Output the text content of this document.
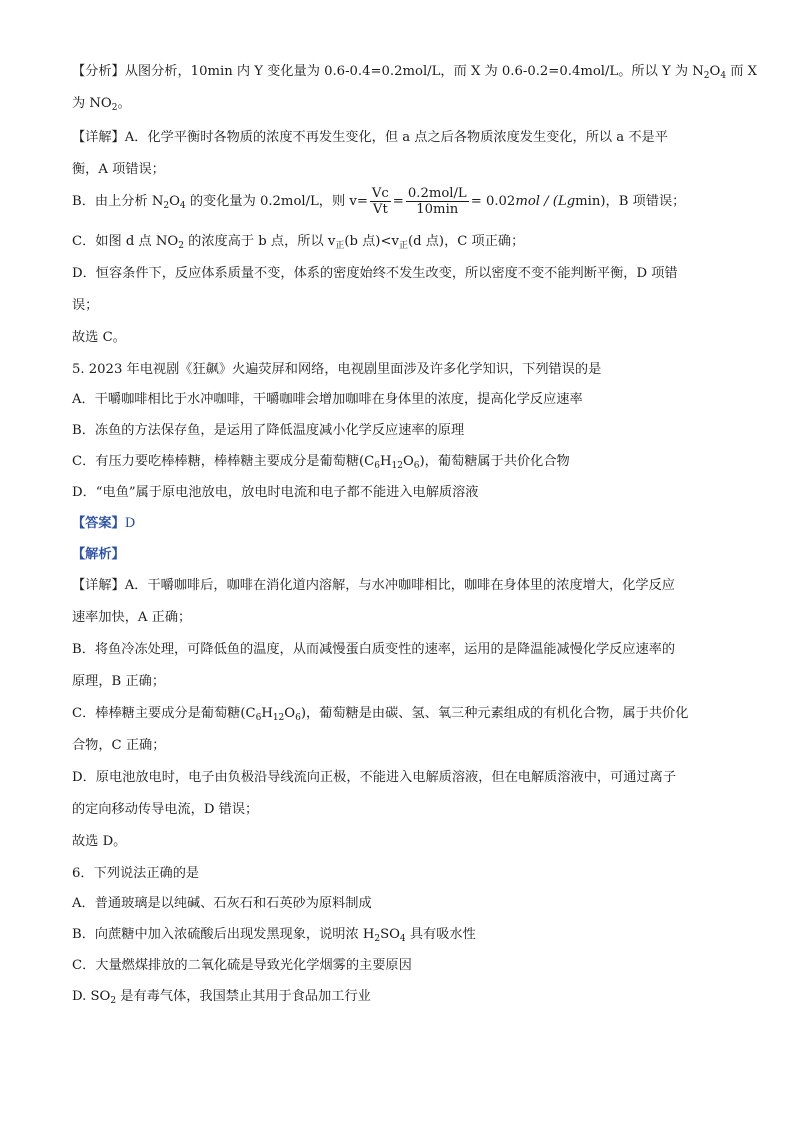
【分析】从图分析，10min 内 Y 变化量为 0.6-0.4=0.2mol/L，而 X 为 0.6-0.2=0.4mol/L。所以 Y 为 $N_2O_4$ 而 X
为 $NO_2$。
【详解】A．化学平衡时各物质的浓度不再发生变化，但 a 点之后各物质浓度发生变化，所以 a 不是平
衡，A 项错误；
B．由上分析 $N_2O_4$ 的变化量为 0.2mol/L，则 $v= \frac{Vc}{Vt} = \frac{\text{0.2mol/L}}{10\min} = 0.02mol / (Lgmin)$，B 项错误；
C．如图 d 点 $NO_2$ 的浓度高于 b 点，所以 $v_正(b$ 点)$<v_正(d$ 点)，C 项正确；
D．恒容条件下，反应体系质量不变，体系的密度始终不发生改变，所以密度不变不能判断平衡，D 项错
误；
故选 C。
5. 2023 年电视剧《狂飙》火遍荧屏和网络，电视剧里面涉及许多化学知识，下列错误的是
A．干嚼咖啡相比于水冲咖啡，干嚼咖啡会增加咖啡在身体里的浓度，提高化学反应速率
B．冻鱼的方法保存鱼，是运用了降低温度减小化学反应速率的原理
C．有压力要吃棒棒糖，棒棒糖主要成分是葡萄糖$(C_6H_{12}O_6)$，葡萄糖属于共价化合物
D．“电鱼”属于原电池放电，放电时电流和电子都不能进入电解质溶液
【答案】D
【解析】
【详解】A．干嚼咖啡后，咖啡在消化道内溶解，与水冲咖啡相比，咖啡在身体里的浓度增大，化学反应
速率加快，A 正确；
B．将鱼冷冻处理，可降低鱼的温度，从而减慢蛋白质变性的速率，运用的是降温能减慢化学反应速率的
原理，B 正确；
C．棒棒糖主要成分是葡萄糖$(C_6H_{12}O_6)$，葡萄糖是由碳、氢、氧三种元素组成的有机化合物，属于共价化
合物，C 正确；
D．原电池放电时，电子由负极沿导线流向正极，不能进入电解质溶液，但在电解质溶液中，可通过离子
的定向移动传导电流，D 错误；
故选 D。
6．下列说法正确的是
A．普通玻璃是以纯碱、石灰石和石英砂为原料制成
B．向蔗糖中加入浓硫酸后出现发黑现象，说明浓 $H_2SO_4$ 具有吸水性
C．大量燃煤排放的二氧化硫是导致光化学烟雾的主要原因
D. $SO_2$ 是有毒气体，我国禁止其用于食品加工行业
